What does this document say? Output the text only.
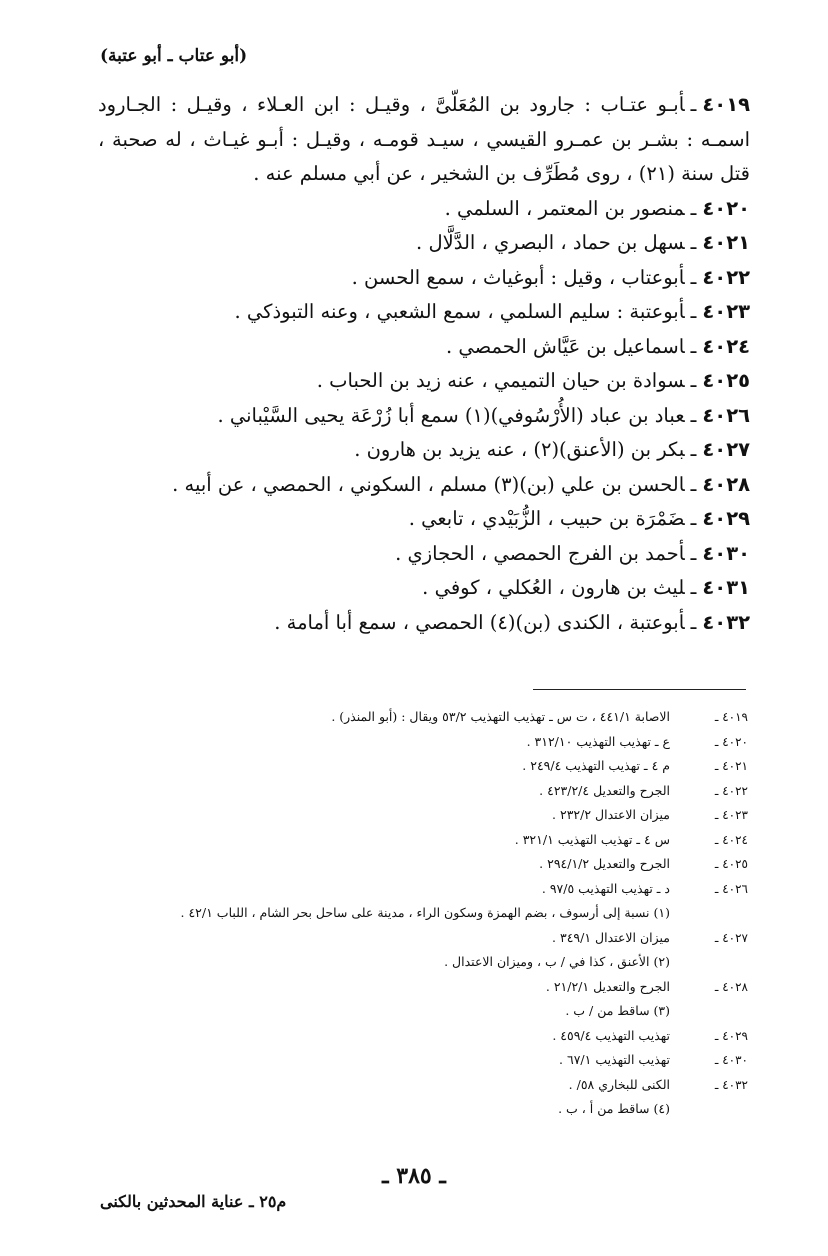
(أبو عتاب ـ أبو عتبة)
٤٠١٩ـأبـو عتـاب : جارود بن المُعَلّىَّ ، وقيـل : ابن العـلاء ، وقيـل : الجـارود اسمـه : بشـر بن عمـرو القيسي ، سيـد قومـه ، وقيـل : أبـو غيـاث ، له صحبة ، قتل سنة (٢١) ، روى مُطَرِّف بن الشخير ، عن أبي مسلم عنه .
٤٠٢٠ـمنصور بن المعتمر ، السلمي .
٤٠٢١ـسهل بن حماد ، البصري ، الدَّلَّال .
٤٠٢٢ـأبوعتاب ، وقيل : أبوغياث ، سمع الحسن .
٤٠٢٣ـأبوعتبة : سليم السلمي ، سمع الشعبي ، وعنه التبوذكي .
٤٠٢٤ـاسماعيل بن عَيَّاش الحمصي .
٤٠٢٥ـسوادة بن حيان التميمي ، عنه زيد بن الحباب .
٤٠٢٦ـعباد بن عباد (الأُرْسُوفي)(١) سمع أبا زُرْعَة يحيى السَّيْباني .
٤٠٢٧ـبكر بن (الأعنق)(٢) ، عنه يزيد بن هارون .
٤٠٢٨ـالحسن بن علي (بن)(٣) مسلم ، السكوني ، الحمصي ، عن أبيه .
٤٠٢٩ـضَمْرَة بن حبيب ، الزُّبَيْدي ، تابعي .
٤٠٣٠ـأحمد بن الفرج الحمصي ، الحجازي .
٤٠٣١ـليث بن هارون ، العُكلي ، كوفي .
٤٠٣٢ـأبوعتبة ، الكندى (بن)(٤) الحمصي ، سمع أبا أمامة .
٤٠١٩ ـ
الاصابة ٤٤١/١ ، ت س ـ تهذيب التهذيب ٥٣/٢ ويقال : (أبو المنذر) .
٤٠٢٠ ـ
ع ـ تهذيب التهذيب ٣١٢/١٠ .
٤٠٢١ ـ
م ٤ ـ تهذيب التهذيب ٢٤٩/٤ .
٤٠٢٢ ـ
الجرح والتعديل ٤٢٣/٢/٤ .
٤٠٢٣ ـ
ميزان الاعتدال ٢٣٢/٢ .
٤٠٢٤ ـ
س ٤ ـ تهذيب التهذيب ٣٢١/١ .
٤٠٢٥ ـ
الجرح والتعديل ٢٩٤/١/٢ .
٤٠٢٦ ـ
د ـ تهذيب التهذيب ٩٧/٥ .
(١) نسبة إلى أرسوف ، بضم الهمزة وسكون الراء ، مدينة على ساحل بحر الشام ، اللباب ٤٢/١ .
٤٠٢٧ ـ
ميزان الاعتدال ٣٤٩/١ .
(٢) الأعنق ، كذا في / ب ، وميزان الاعتدال .
٤٠٢٨ ـ
الجرح والتعديل ٢١/٢/١ .
(٣) ساقط من / ب .
٤٠٢٩ ـ
تهذيب التهذيب ٤٥٩/٤ .
٤٠٣٠ ـ
تهذيب التهذيب ٦٧/١ .
٤٠٣٢ ـ
الكنى للبخاري ٥٨/ .
(٤) ساقط من أ ، ب .
ـ ٣٨٥ ـ
م٢٥ ـ عناية المحدثين بالكنى
